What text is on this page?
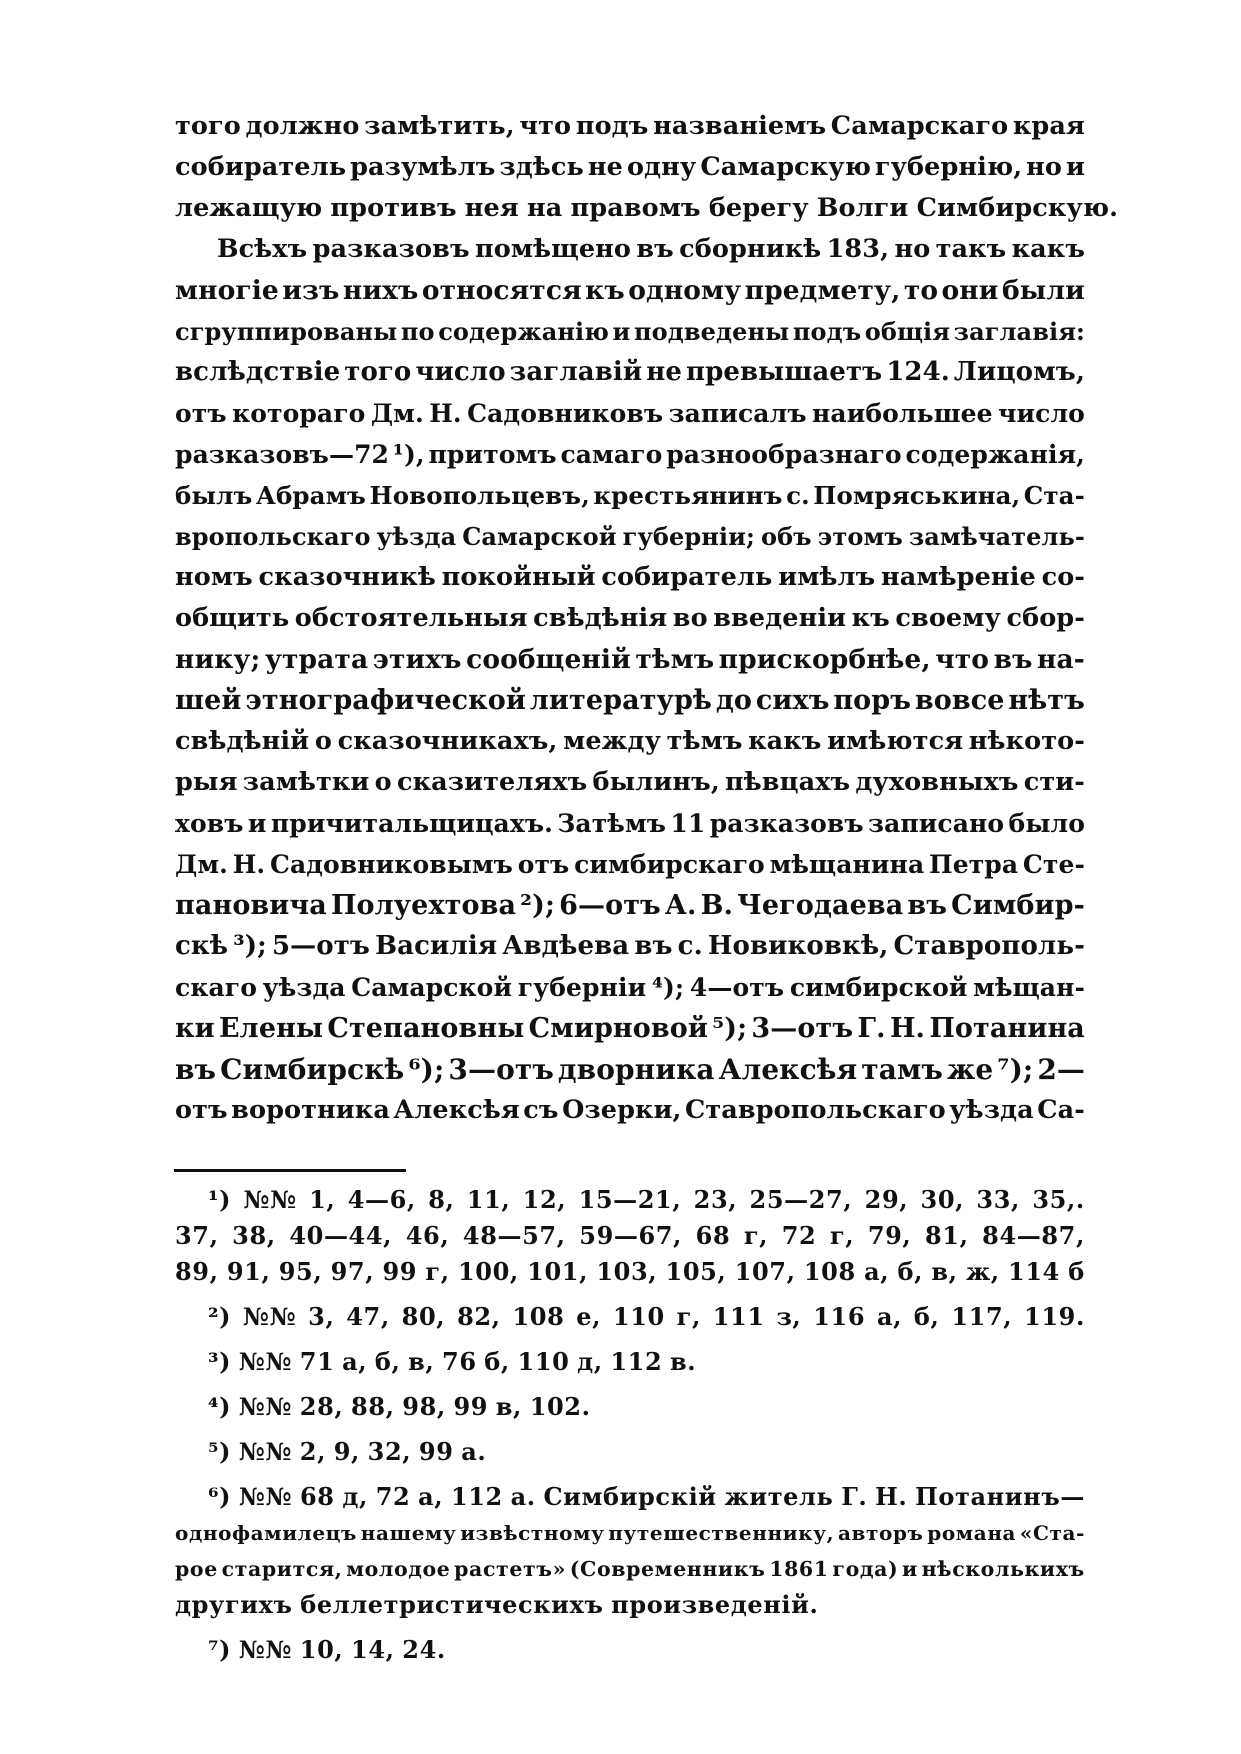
того должно замѣтить, что подъ названіемъ Самарскаго края
собиратель разумѣлъ здѣсь не одну Самарскую губернію, но и
лежащую противъ нея на правомъ берегу Волги Симбирскую.
Всѣхъ разказовъ помѣщено въ сборникѣ 183, но такъ какъ
многіе изъ нихъ относятся къ одному предмету, то они были
сгруппированы по содержанію и подведены подъ общія заглавія:
вслѣдствіе того число заглавій не превышаетъ 124. Лицомъ,
отъ котораго Дм. Н. Садовниковъ записалъ наибольшее число
разказовъ—72 ¹), притомъ самаго разнообразнаго содержанія,
былъ Абрамъ Новопольцевъ, крестьянинъ с. Помряськина, Ста-
вропольскаго уѣзда Самарской губерніи; объ этомъ замѣчатель-
номъ сказочникѣ покойный собиратель имѣлъ намѣреніе со-
общить обстоятельныя свѣдѣнія во введеніи къ своему сбор-
нику; утрата этихъ сообщеній тѣмъ прискорбнѣе, что въ на-
шей этнографической литературѣ до сихъ поръ вовсе нѣтъ
свѣдѣній о сказочникахъ, между тѣмъ какъ имѣются нѣкото-
рыя замѣтки о сказителяхъ былинъ, пѣвцахъ духовныхъ сти-
ховъ и причитальщицахъ. Затѣмъ 11 разказовъ записано было
Дм. Н. Садовниковымъ отъ симбирскаго мѣщанина Петра Сте-
пановича Полуехтова ²); 6—отъ А. В. Чегодаева въ Симбир-
скѣ ³); 5—отъ Василія Авдѣева въ с. Новиковкѣ, Ставрополь-
скаго уѣзда Самарской губерніи ⁴); 4—отъ симбирской мѣщан-
ки Елены Степановны Смирновой ⁵); 3—отъ Г. Н. Потанина
въ Симбирскѣ ⁶); 3—отъ дворника Алексѣя тамъ же ⁷); 2—
отъ воротника Алексѣя съ Озерки, Ставропольскаго уѣзда Са-
¹) №№ 1, 4—6, 8, 11, 12, 15—21, 23, 25—27, 29, 30, 33, 35,.
37, 38, 40—44, 46, 48—57, 59—67, 68 г, 72 г, 79, 81, 84—87,
89, 91, 95, 97, 99 г, 100, 101, 103, 105, 107, 108 а, б, в, ж, 114 б
²) №№ 3, 47, 80, 82, 108 е, 110 г, 111 з, 116 а, б, 117, 119.
³) №№ 71 а, б, в, 76 б, 110 д, 112 в.
⁴) №№ 28, 88, 98, 99 в, 102.
⁵) №№ 2, 9, 32, 99 а.
⁶) №№ 68 д, 72 а, 112 а. Симбирскій житель Г. Н. Потанинъ—
однофамилецъ нашему извѣстному путешественнику, авторъ романа «Ста-
рое старится, молодое растетъ» (Современникъ 1861 года) и нѣсколькихъ
другихъ беллетристическихъ произведеній.
⁷) №№ 10, 14, 24.
